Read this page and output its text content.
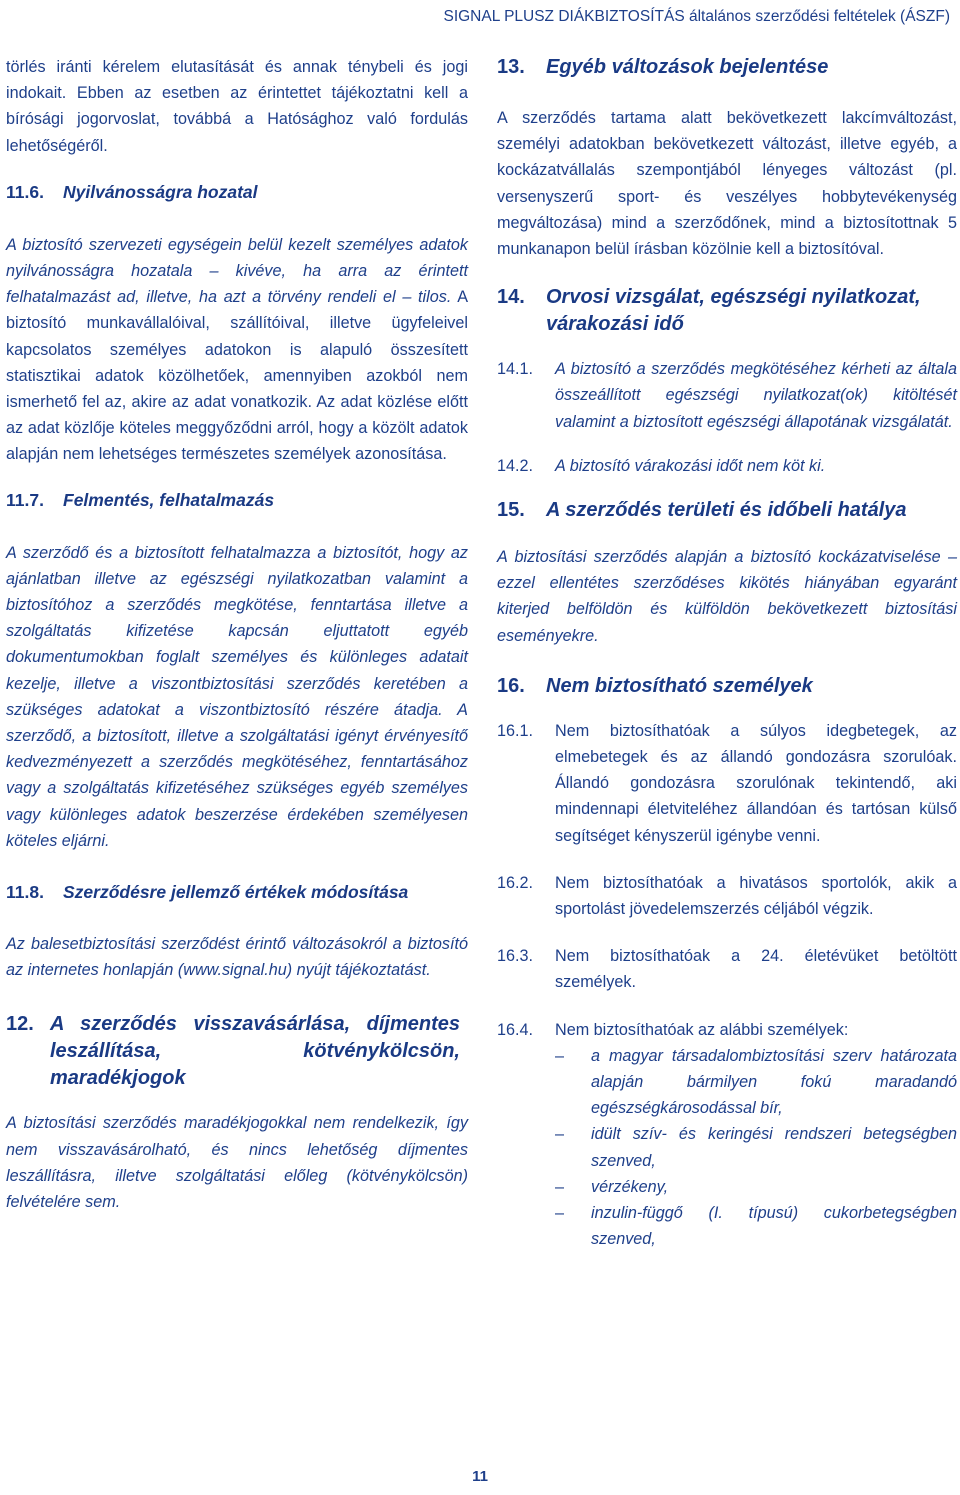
SIGNAL PLUSZ DIÁKBIZTOSÍTÁS általános szerződési feltételek (ÁSZF)

törlés iránti kérelem elutasítását és annak ténybeli és jogi indokait. Ebben az esetben az érintettet tájékoztatni kell a bírósági jogorvoslat, továbbá a Hatósághoz való fordulás lehetőségéről.

11.6.	Nyilvánosságra hozatal

A biztosító szervezeti egységein belül kezelt személyes adatok nyilvánosságra hozatala – kivéve, ha arra az érintett felhatalmazást ad, illetve, ha azt a törvény rendeli el – tilos. A biztosító munkavállalóival, szállítóival, illetve ügyfeleivel kapcsolatos személyes adatokon is alapuló összesített statisztikai adatok közölhetőek, amennyiben azokból nem ismerhető fel az, akire az adat vonatkozik. Az adat közlése előtt az adat közlője köteles meggyőződni arról, hogy a közölt adatok alapján nem lehetséges természetes személyek azonosítása.

11.7.	Felmentés, felhatalmazás

A szerződő és a biztosított felhatalmazza a biztosítót, hogy az ajánlatban illetve az egészségi nyilatkozatban valamint a biztosítóhoz a szerződés megkötése, fenntartása illetve a szolgáltatás kifizetése kapcsán eljuttatott egyéb dokumentumokban foglalt személyes és különleges adatait kezelje, illetve a viszontbiztosítási szerződés keretében a szükséges adatokat a viszontbiztosító részére átadja. A szerződő, a biztosított, illetve a szolgáltatási igényt érvényesítő kedvezményezett a szerződés megkötéséhez, fenntartásához vagy a szolgáltatás kifizetéséhez szükséges egyéb személyes vagy különleges adatok beszerzése érdekében személyesen köteles eljárni.

11.8.	Szerződésre jellemző értékek módosítása

Az balesetbiztosítási szerződést érintő változásokról a biztosító az internetes honlapján (www.signal.hu) nyújt tájékoztatást.

12. A szerződés visszavásárlása, díjmentes leszállítása, kötvénykölcsön, maradékjogok

A biztosítási szerződés maradékjogokkal nem rendelkezik, így nem visszavásárolható, és nincs lehetőség díjmentes leszállításra, illetve szolgáltatási előleg (kötvénykölcsön) felvételére sem.

13.	Egyéb változások bejelentése

A szerződés tartama alatt bekövetkezett lakcímváltozást, személyi adatokban bekövetkezett változást, illetve egyéb, a kockázatvállalás szempontjából lényeges változást (pl. versenyszerű sport- és veszélyes hobbytevékenység megváltozása) mind a szerződőnek, mind a biztosítottnak 5 munkanapon belül írásban közölnie kell a biztosítóval.

14.	Orvosi vizsgálat, egészségi nyilatkozat, várakozási idő
14.1.	A biztosító a szerződés megkötéséhez kérheti az általa összeállított egészségi nyilatkozat(ok) kitöltését valamint a biztosított egészségi állapotának vizsgálatát.

14.2.	A biztosító várakozási időt nem köt ki.

15.	A szerződés területi és időbeli hatálya

A biztosítási szerződés alapján a biztosító kockázatviselése – ezzel ellentétes szerződéses kikötés hiányában egyaránt kiterjed belföldön és külföldön bekövetkezett biztosítási eseményekre.

16.	Nem biztosítható személyek
16.1.	Nem biztosíthatóak a súlyos idegbetegek, az elmebetegek és az állandó gondozásra szorulóak. Állandó gondozásra szorulónak tekintendő, aki mindennapi életviteléhez állandóan és tartósan külső segítséget kényszerül igénybe venni.

16.2.	Nem biztosíthatóak a hivatásos sportolók, akik a sportolást jövedelemszerzés céljából végzik.

16.3.	Nem biztosíthatóak a 24. életévüket betöltött személyek.

16.4.	Nem biztosíthatóak az alábbi személyek:

–	a magyar társadalombiztosítási szerv határozata alapján bármilyen fokú maradandó egészségkárosodással bír,

–	idült szív- és keringési rendszeri betegségben szenved,

–	vérzékeny,

–	inzulin-függő (I. típusú) cukorbetegségben szenved,

11
